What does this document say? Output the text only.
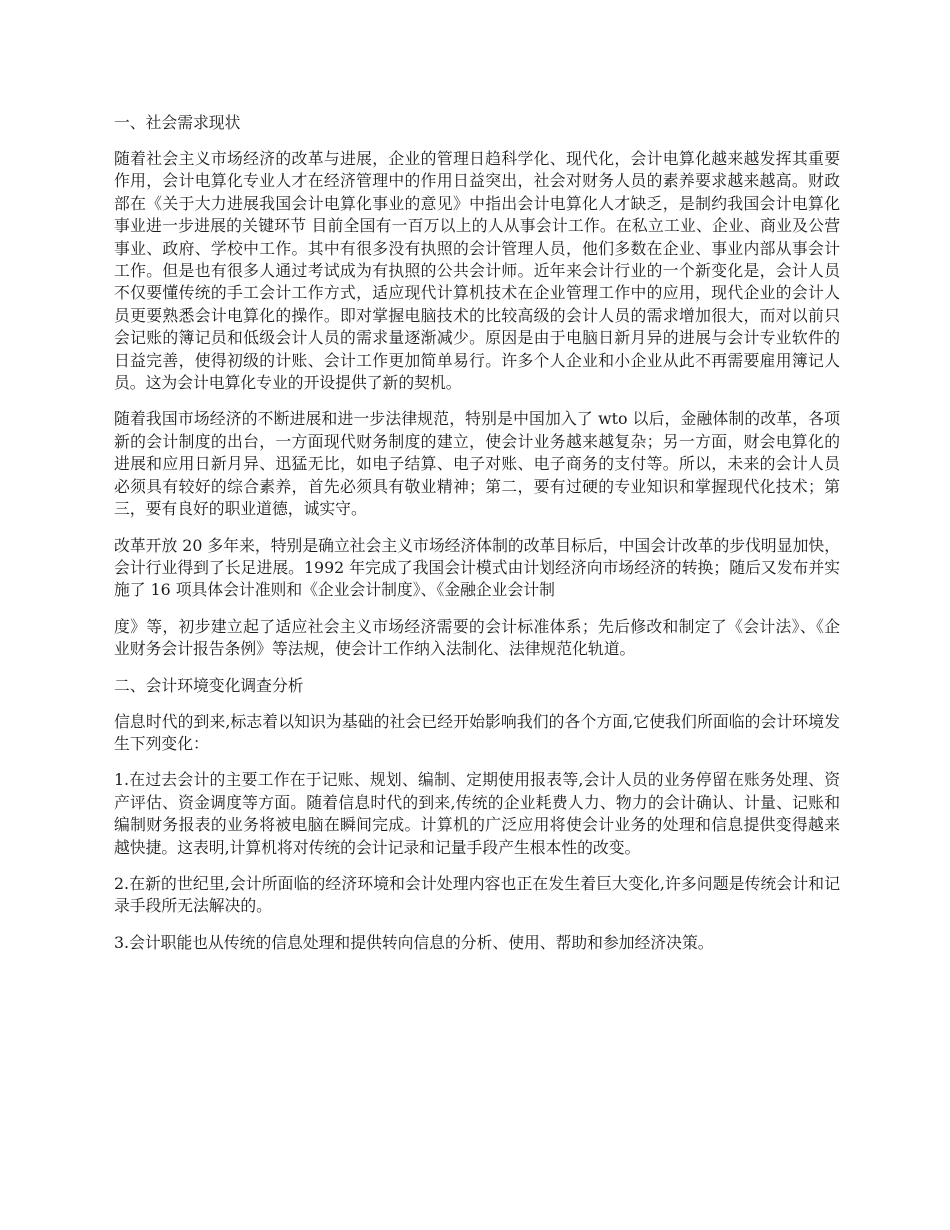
一、社会需求现状

随着社会主义市场经济的改革与进展，企业的管理日趋科学化、现代化，会计电算化越来越发挥其重要作用，会计电算化专业人才在经济管理中的作用日益突出，社会对财务人员的素养要求越来越高。财政部在《关于大力进展我国会计电算化事业的意见》中指出会计电算化人才缺乏，是制约我国会计电算化事业进一步进展的关键环节 目前全国有一百万以上的人从事会计工作。在私立工业、企业、商业及公营事业、政府、学校中工作。其中有很多没有执照的会计管理人员，他们多数在企业、事业内部从事会计工作。但是也有很多人通过考试成为有执照的公共会计师。近年来会计行业的一个新变化是，会计人员不仅要懂传统的手工会计工作方式，适应现代计算机技术在企业管理工作中的应用，现代企业的会计人员更要熟悉会计电算化的操作。即对掌握电脑技术的比较高级的会计人员的需求增加很大，而对以前只会记账的簿记员和低级会计人员的需求量逐渐减少。原因是由于电脑日新月异的进展与会计专业软件的日益完善，使得初级的计账、会计工作更加简单易行。许多个人企业和小企业从此不再需要雇用簿记人员。这为会计电算化专业的开设提供了新的契机。

随着我国市场经济的不断进展和进一步法律规范，特别是中国加入了 wto 以后，金融体制的改革，各项新的会计制度的出台，一方面现代财务制度的建立，使会计业务越来越复杂；另一方面，财会电算化的进展和应用日新月异、迅猛无比，如电子结算、电子对账、电子商务的支付等。所以，未来的会计人员必须具有较好的综合素养，首先必须具有敬业精神；第二，要有过硬的专业知识和掌握现代化技术；第三，要有良好的职业道德，诚实守。

改革开放 20 多年来，特别是确立社会主义市场经济体制的改革目标后，中国会计改革的步伐明显加快，会计行业得到了长足进展。1992 年完成了我国会计模式由计划经济向市场经济的转换；随后又发布并实施了 16 项具体会计准则和《企业会计制度》、《金融企业会计制

度》等，初步建立起了适应社会主义市场经济需要的会计标准体系；先后修改和制定了《会计法》、《企业财务会计报告条例》等法规，使会计工作纳入法制化、法律规范化轨道。

二、会计环境变化调查分析

信息时代的到来,标志着以知识为基础的社会已经开始影响我们的各个方面,它使我们所面临的会计环境发生下列变化：

1.在过去会计的主要工作在于记账、规划、编制、定期使用报表等,会计人员的业务停留在账务处理、资产评估、资金调度等方面。随着信息时代的到来,传统的企业耗费人力、物力的会计确认、计量、记账和编制财务报表的业务将被电脑在瞬间完成。计算机的广泛应用将使会计业务的处理和信息提供变得越来越快捷。这表明,计算机将对传统的会计记录和记量手段产生根本性的改变。

2.在新的世纪里,会计所面临的经济环境和会计处理内容也正在发生着巨大变化,许多问题是传统会计和记录手段所无法解决的。

3.会计职能也从传统的信息处理和提供转向信息的分析、使用、帮助和参加经济决策。
